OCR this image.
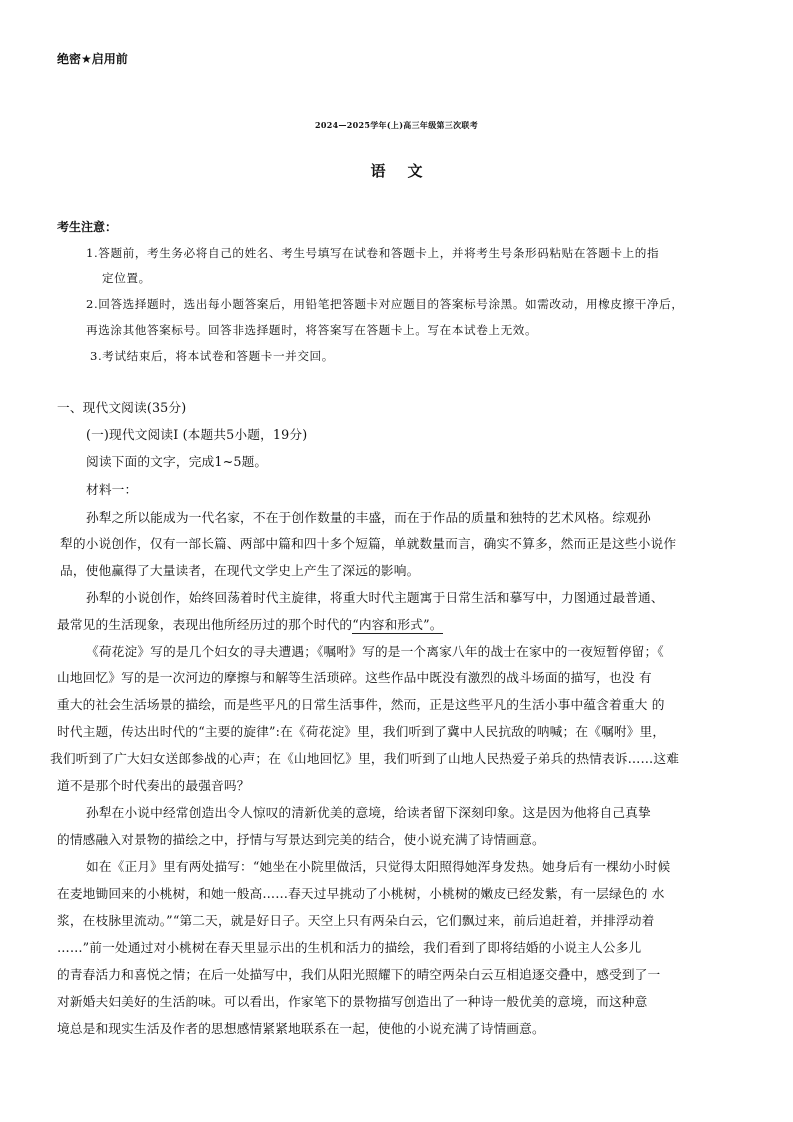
绝密★启用前
2024—2025学年(上)高三年级第三次联考
语文
考生注意：
1.答题前，考生务必将自己的姓名、考生号填写在试卷和答题卡上，并将考生号条形码粘贴在答题卡上的指
定位置。
2.回答选择题时，选出每小题答案后，用铅笔把答题卡对应题目的答案标号涂黑。如需改动，用橡皮擦干净后，
再选涂其他答案标号。回答非选择题时，将答案写在答题卡上。写在本试卷上无效。
3.考试结束后，将本试卷和答题卡一并交回。
一、现代文阅读(35分)
(一)现代文阅读Ⅰ (本题共5小题，19分)
阅读下面的文字，完成1~5题。
材料一：
孙犁之所以能成为一代名家，不在于创作数量的丰盛，而在于作品的质量和独特的艺术风格。综观孙
犁的小说创作，仅有一部长篇、两部中篇和四十多个短篇，单就数量而言，确实不算多，然而正是这些小说作
品，使他赢得了大量读者，在现代文学史上产生了深远的影响。
孙犁的小说创作，始终回荡着时代主旋律，将重大时代主题寓于日常生活和摹写中，力图通过最普通、
最常见的生活现象，表现出他所经历过的那个时代的“内容和形式”。
《荷花淀》写的是几个妇女的寻夫遭遇；《嘱咐》写的是一个离家八年的战士在家中的一夜短暂停留；《
山地回忆》写的是一次河边的摩擦与和解等生活琐碎。这些作品中既没有激烈的战斗场面的描写，也没 有
重大的社会生活场景的描绘，而是些平凡的日常生活事件，然而，正是这些平凡的生活小事中蕴含着重大 的
时代主题，传达出时代的“主要的旋律”:在《荷花淀》里，我们听到了冀中人民抗敌的呐喊；在《嘱咐》里，
我们听到了广大妇女送郎参战的心声；在《山地回忆》里，我们听到了山地人民热爱子弟兵的热情表诉……这难
道不是那个时代奏出的最强音吗？
孙犁在小说中经常创造出令人惊叹的清新优美的意境，给读者留下深刻印象。这是因为他将自己真挚
的情感融入对景物的描绘之中，抒情与写景达到完美的结合，使小说充满了诗情画意。
如在《正月》里有两处描写：“她坐在小院里做活，只觉得太阳照得她浑身发热。她身后有一棵幼小时候
在麦地锄回来的小桃树，和她一般高……春天过早挑动了小桃树，小桃树的嫩皮已经发紫，有一层绿色的 水
浆，在枝脉里流动。”“第二天，就是好日子。天空上只有两朵白云，它们飘过来，前后追赶着，并排浮动着
……”前一处通过对小桃树在春天里显示出的生机和活力的描绘，我们看到了即将结婚的小说主人公多儿
的青春活力和喜悦之情；在后一处描写中，我们从阳光照耀下的晴空两朵白云互相追逐交叠中，感受到了一
对新婚夫妇美好的生活韵味。可以看出，作家笔下的景物描写创造出了一种诗一般优美的意境，而这种意
境总是和现实生活及作者的思想感情紧紧地联系在一起，使他的小说充满了诗情画意。
